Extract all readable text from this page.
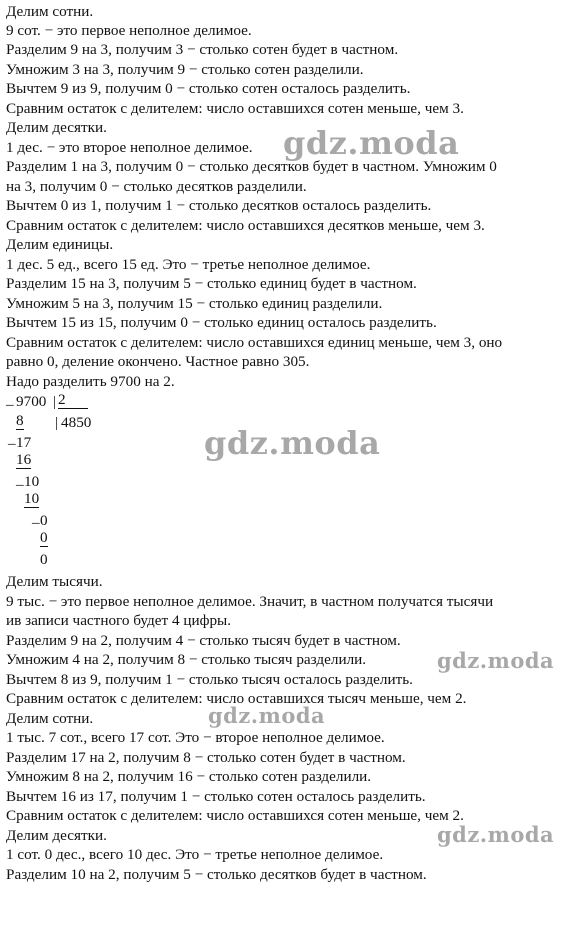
Делим сотни.
9 сот. − это первое неполное делимое.
Разделим 9 на 3, получим 3 − столько сотен будет в частном.
Умножим 3 на 3, получим 9 − столько сотен разделили.
Вычтем 9 из 9, получим 0 − столько сотен осталось разделить.
Сравним остаток с делителем: число оставшихся сотен меньше, чем 3.
Делим десятки.
1 дес. − это второе неполное делимое.
Разделим 1 на 3, получим 0 − столько десятков будет в частном. Умножим 0
на 3, получим 0 − столько десятков разделили.
Вычтем 0 из 1, получим 1 − столько десятков осталось разделить.
Сравним остаток с делителем: число оставшихся десятков меньше, чем 3.
Делим единицы.
1 дес. 5 ед., всего 15 ед. Это − третье неполное делимое.
Разделим 15 на 3, получим 5 − столько единиц будет в частном.
Умножим 5 на 3, получим 15 − столько единиц разделили.
Вычтем 15 из 15, получим 0 − столько единиц осталось разделить.
Сравним остаток с делителем: число оставшихся единиц меньше, чем 3, оно
равно 0, деление окончено. Частное равно 305.
Надо разделить 9700 на 2.
_ 9700 | 2
| 4850
8
_ 17
16
_ 10
10
_ 0
0
0
Делим тысячи.
9 тыс. − это первое неполное делимое. Значит, в частном получатся тысячи
ив записи частного будет 4 цифры.
Разделим 9 на 2, получим 4 − столько тысяч будет в частном.
Умножим 4 на 2, получим 8 − столько тысяч разделили.
Вычтем 8 из 9, получим 1 − столько тысяч осталось разделить.
Сравним остаток с делителем: число оставшихся тысяч меньше, чем 2.
Делим сотни.
1 тыс. 7 сот., всего 17 сот. Это − второе неполное делимое.
Разделим 17 на 2, получим 8 − столько сотен будет в частном.
Умножим 8 на 2, получим 16 − столько сотен разделили.
Вычтем 16 из 17, получим 1 − столько сотен осталось разделить.
Сравним остаток с делителем: число оставшихся сотен меньше, чем 2.
Делим десятки.
1 сот. 0 дес., всего 10 дес. Это − третье неполное делимое.
Разделим 10 на 2, получим 5 − столько десятков будет в частном.
gdz.moda
gdz.moda
gdz.moda
gdz.moda
gdz.moda
